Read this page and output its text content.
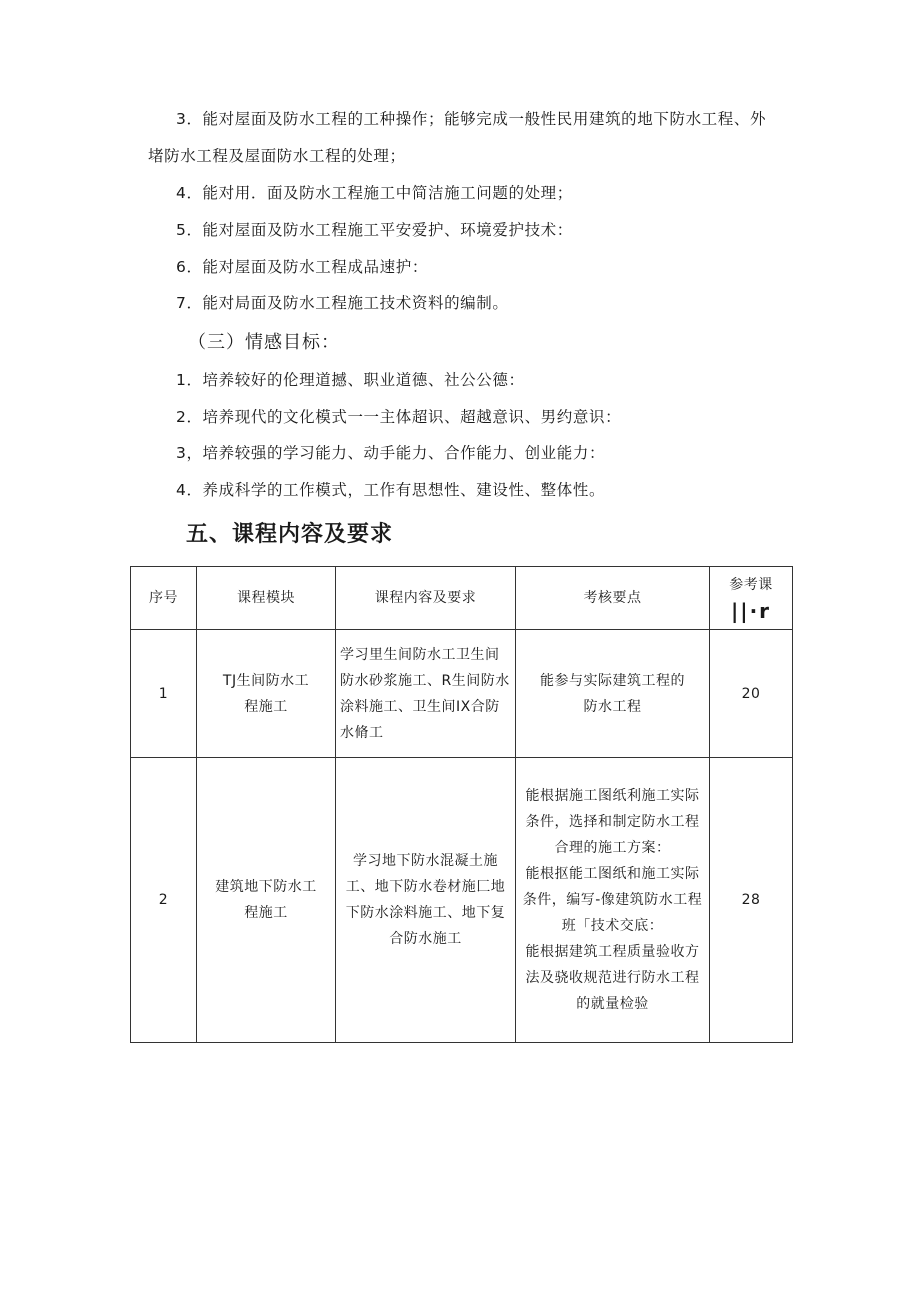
3．能对屋面及防水工程的工种操作；能够完成一般性民用建筑的地下防水工程、外
堵防水工程及屋面防水工程的处理；
4．能对用．面及防水工程施工中简洁施工问题的处理；
5．能对屋面及防水工程施工平安爱护、环境爱护技术：
6．能对屋面及防水工程成品速护：
7．能对局面及防水工程施工技术资料的编制。
（三）情感目标：
1．培养较好的伦理道撼、职业道德、社公公德：
2．培养现代的文化模式一一主体超识、超越意识、男约意识：
3，培养较强的学习能力、动手能力、合作能力、创业能力：
4．养成科学的工作模式，工作有思想性、建设性、整体性。
五、课程内容及要求
序号	课程模块	课程内容及要求	考核要点	参考课
||·r

1	TJ生间防水工程施工	学习里生间防水工卫生间防水砂浆施工、R生间防水涂料施工、卫生间IX合防水脩工	能参与实际建筑工程的防水工程	20
2	建筑地下防水工程施工	学习地下防水混凝土施工、地下防水卷材施匚地下防水涂料施工、地下复合防水施工	能根据施工图纸利施工实际条件，选择和制定防水工程合理的施工方案：

能根抠能工图纸和施工实际条件，编写-像建筑防水工程班「技术交底：

能根据建筑工程质量验收方法及骁收规范进行防水工程的就量检验	28
